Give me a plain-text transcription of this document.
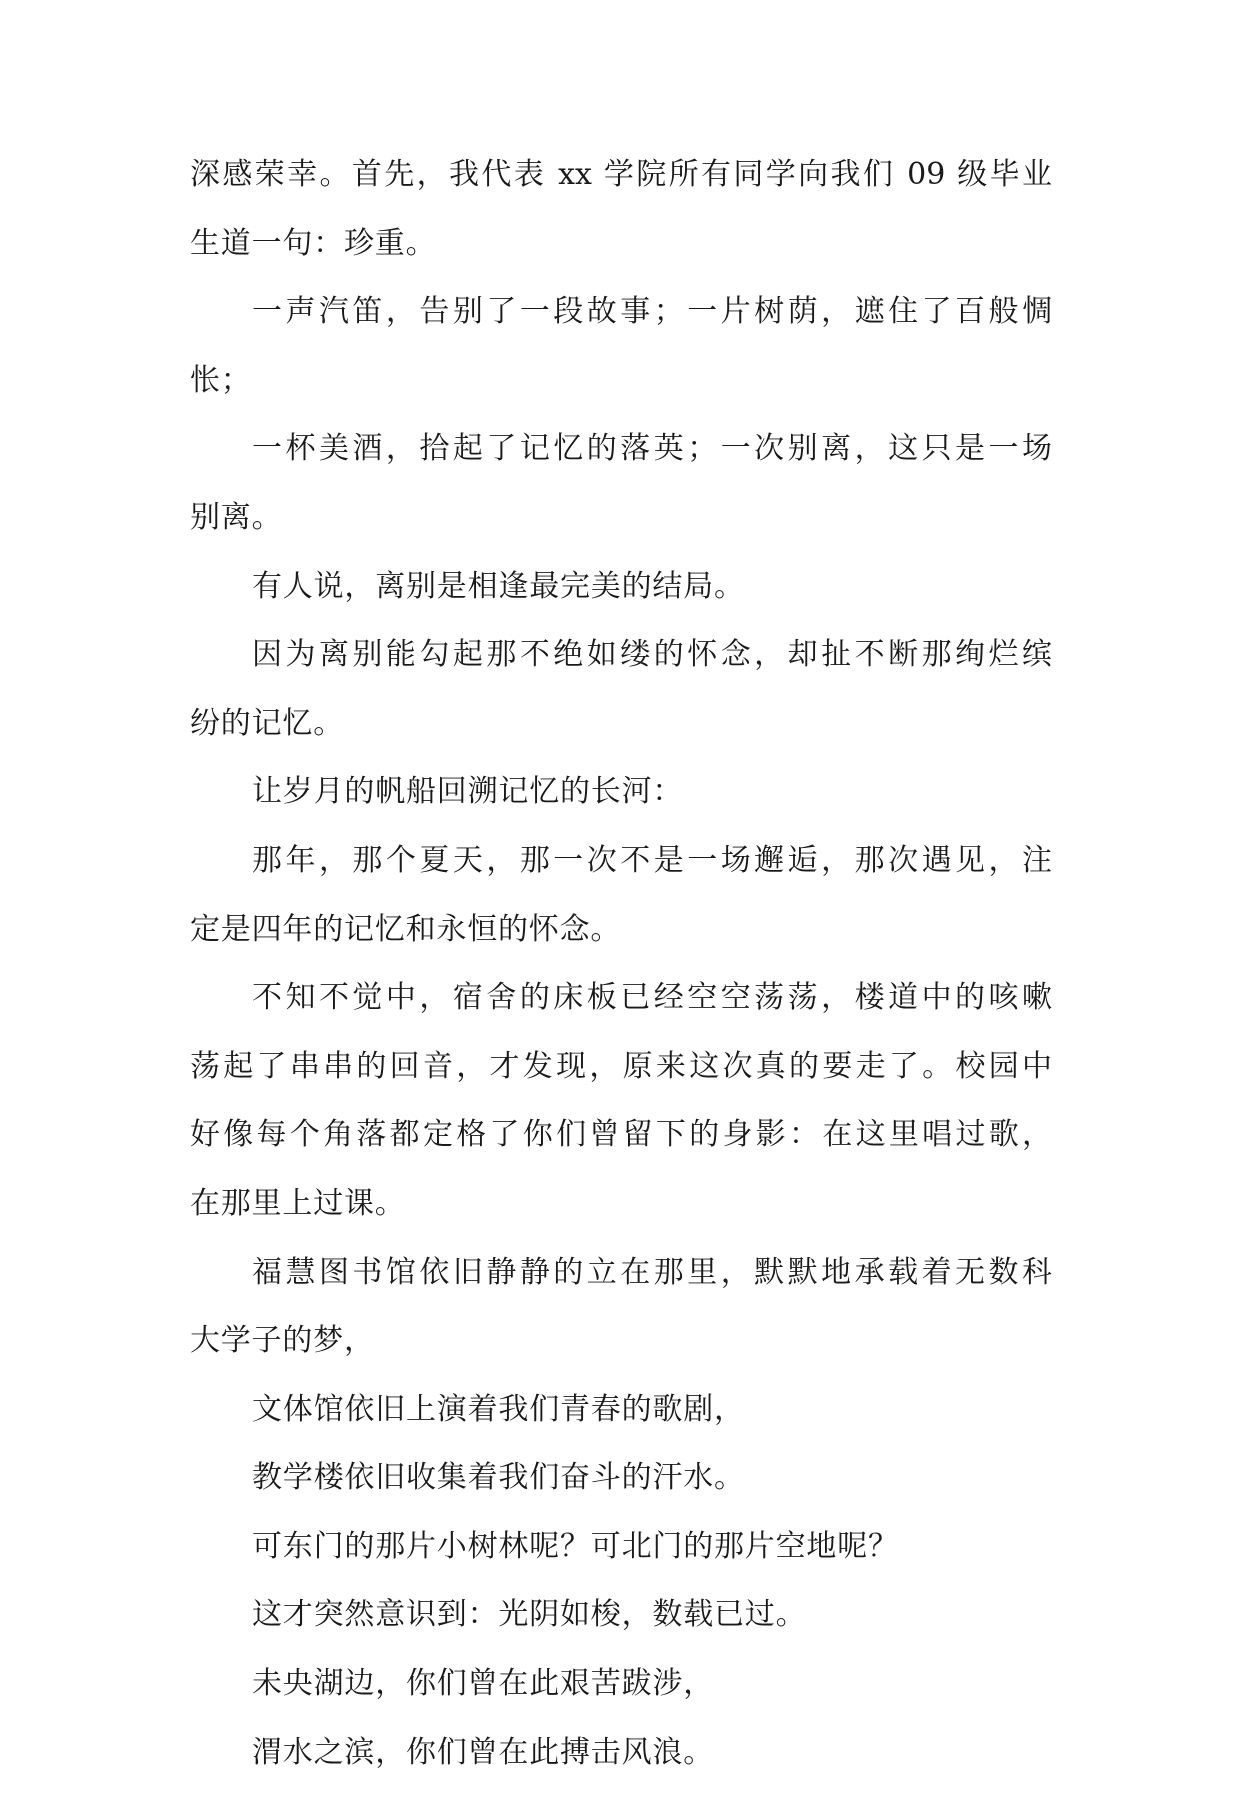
深感荣幸。首先，我代表 xx 学院所有同学向我们 09 级毕业
生道一句：珍重。
一声汽笛，告别了一段故事；一片树荫，遮住了百般惆
怅；
一杯美酒，拾起了记忆的落英；一次别离，这只是一场
别离。
有人说，离别是相逢最完美的结局。
因为离别能勾起那不绝如缕的怀念，却扯不断那绚烂缤
纷的记忆。
让岁月的帆船回溯记忆的长河：
那年，那个夏天，那一次不是一场邂逅，那次遇见，注
定是四年的记忆和永恒的怀念。
不知不觉中，宿舍的床板已经空空荡荡，楼道中的咳嗽
荡起了串串的回音，才发现，原来这次真的要走了。校园中
好像每个角落都定格了你们曾留下的身影：在这里唱过歌，
在那里上过课。
福慧图书馆依旧静静的立在那里，默默地承载着无数科
大学子的梦，
文体馆依旧上演着我们青春的歌剧，
教学楼依旧收集着我们奋斗的汗水。
可东门的那片小树林呢？可北门的那片空地呢？
这才突然意识到：光阴如梭，数载已过。
未央湖边，你们曾在此艰苦跋涉，
渭水之滨，你们曾在此搏击风浪。
